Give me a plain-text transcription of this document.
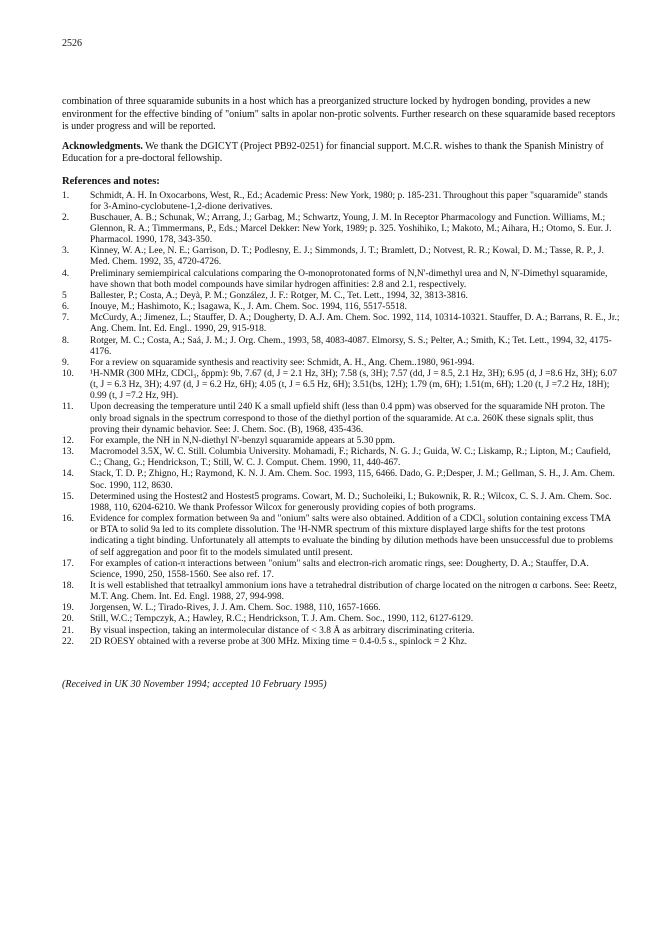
2526

combination of three squaramide subunits in a host which has a preorganized structure locked by hydrogen bonding, provides a new environment for the effective binding of "onium" salts in apolar non-protic solvents. Further research on these squaramide based receptors is under progress and will be reported.

Acknowledgments. We thank the DGICYT (Project PB92-0251) for financial support. M.C.R. wishes to thank the Spanish Ministry of Education for a pre-doctoral fellowship.

References and notes:
1.	Schmidt, A. H. In Oxocarbons, West, R., Ed.; Academic Press: New York, 1980; p. 185-231. Throughout this paper "squaramide" stands for 3-Amino-cyclobutene-1,2-dione derivatives.
2.	Buschauer, A. B.; Schunak, W.; Arrang, J.; Garbag, M.; Schwartz, Young, J. M. In Receptor Pharmacology and Function. Williams, M.; Glennon, R. A.; Timmermans, P., Eds.; Marcel Dekker: New York, 1989; p. 325. Yoshihiko, I.; Makoto, M.; Aihara, H.; Otomo, S. Eur. J. Pharmacol. 1990, 178, 343-350.
3.	Kinney, W. A.; Lee, N. E.; Garrison, D. T.; Podlesny, E. J.; Simmonds, J. T.; Bramlett, D.; Notvest, R. R.; Kowal, D. M.; Tasse, R. P., J. Med. Chem. 1992, 35, 4720-4726.
4.	Preliminary semiempirical calculations comparing the O-monoprotonated forms of N,N'-dimethyl urea and N, N'-Dimethyl squaramide, have shown that both model compounds have similar hydrogen affinities: 2.8 and 2.1, respectively.
5	Ballester, P.; Costa, A.; Deyà, P. M.; González, J. F.: Rotger, M. C., Tet. Lett., 1994, 32, 3813-3816.
6.	Inouye, M.; Hashimoto, K.; Isagawa, K., J. Am. Chem. Soc. 1994, 116, 5517-5518.
7.	McCurdy, A.; Jimenez, L.; Stauffer, D. A.; Dougherty, D. A.J. Am. Chem. Soc. 1992, 114, 10314-10321. Stauffer, D. A.; Barrans, R. E., Jr.; Ang. Chem. Int. Ed. Engl.. 1990, 29, 915-918.
8.	Rotger, M. C.; Costa, A.; Saá, J. M.; J. Org. Chem., 1993, 58, 4083-4087. Elmorsy, S. S.; Pelter, A.; Smith, K.; Tet. Lett., 1994, 32, 4175-4176.
9.	For a review on squaramide synthesis and reactivity see: Schmidt, A. H., Ang. Chem..1980, 961-994.
10.	¹H-NMR (300 MHz, CDCl₃, δppm): 9b, 7.67 (d, J = 2.1 Hz, 3H); 7.58 (s, 3H); 7.57 (dd, J = 8.5, 2.1 Hz, 3H); 6.95 (d, J =8.6 Hz, 3H); 6.07 (t, J = 6.3 Hz, 3H); 4.97 (d, J = 6.2 Hz, 6H); 4.05 (t, J = 6.5 Hz, 6H); 3.51(bs, 12H); 1.79 (m, 6H); 1.51(m, 6H); 1.20 (t, J =7.2 Hz, 18H); 0.99 (t, J =7.2 Hz, 9H).
11.	Upon decreasing the temperature until 240 K a small upfield shift (less than 0.4 ppm) was observed for the squaramide NH proton. The only broad signals in the spectrum correspond to those of the diethyl portion of the squaramide. At c.a. 260K these signals split, thus proving their dynamic behavior. See: J. Chem. Soc. (B), 1968, 435-436.
12.	For example, the NH in N,N-diethyl N'-benzyl squaramide appears at 5.30 ppm.
13.	Macromodel 3.5X, W. C. Still. Columbia University. Mohamadi, F.; Richards, N. G. J.; Guida, W. C.; Liskamp, R.; Lipton, M.; Caufield, C.; Chang, G.; Hendrickson, T.; Still, W. C. J. Comput. Chem. 1990, 11, 440-467.
14.	Stack, T. D. P.; Zhigno, H.; Raymond, K. N. J. Am. Chem. Soc. 1993, 115, 6466. Dado, G. P.;Desper, J. M.; Gellman, S. H., J. Am. Chem. Soc. 1990, 112, 8630.
15.	Determined using the Hostest2 and Hostest5 programs. Cowart, M. D.; Sucholeiki, I.; Bukownik, R. R.; Wilcox, C. S. J. Am. Chem. Soc. 1988, 110, 6204-6210. We thank Professor Wilcox for generously providing copies of both programs.
16.	Evidence for complex formation between 9a and "onium" salts were also obtained. Addition of a CDCl₃ solution containing excess TMA or BTA to solid 9a led to its complete dissolution. The ¹H-NMR spectrum of this mixture displayed large shifts for the test protons indicating a tight binding. Unfortunately all attempts to evaluate the binding by dilution methods have been unsuccessful due to problems of self aggregation and poor fit to the models simulated until present.
17.	For examples of cation-π interactions between "onium" salts and electron-rich aromatic rings, see: Dougherty, D. A.; Stauffer, D.A. Science, 1990, 250, 1558-1560. See also ref. 17.
18.	It is well established that tetraalkyl ammonium ions have a tetrahedral distribution of charge located on the nitrogen α carbons. See: Reetz, M.T. Ang. Chem. Int. Ed. Engl. 1988, 27, 994-998.
19.	Jorgensen, W. L.; Tirado-Rives, J. J. Am. Chem. Soc. 1988, 110, 1657-1666.
20.	Still, W.C.; Tempczyk, A.; Hawley, R.C.; Hendrickson, T. J. Am. Chem. Soc., 1990, 112, 6127-6129.
21.	By visual inspection, taking an intermolecular distance of < 3.8 Å as arbitrary discriminating criteria.
22.	2D ROESY obtained with a reverse probe at 300 MHz. Mixing time = 0.4-0.5 s., spinlock = 2 Khz.
(Received in UK 30 November 1994; accepted 10 February 1995)
